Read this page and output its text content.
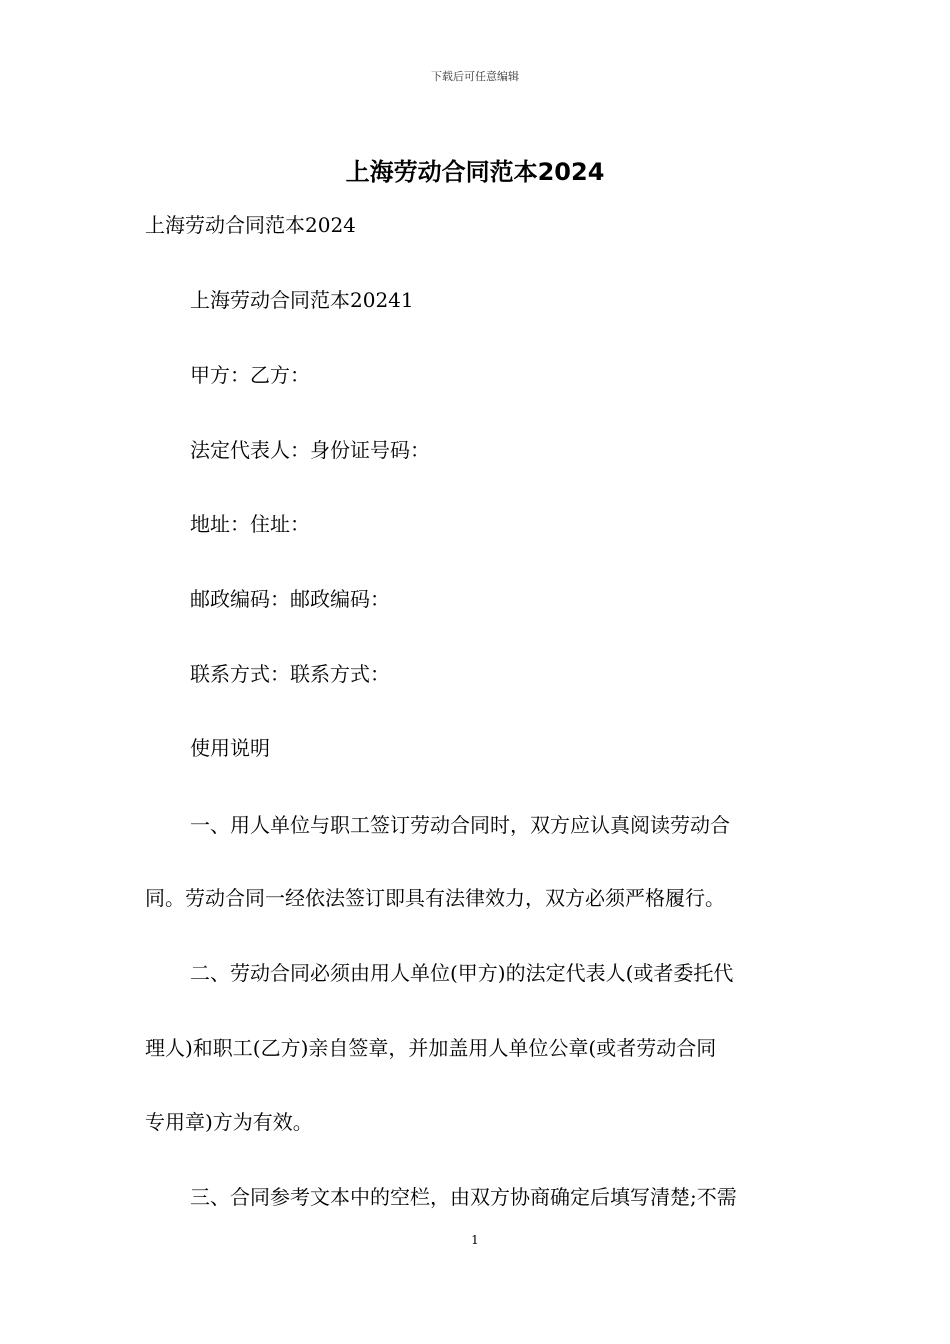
下载后可任意编辑
上海劳动合同范本2024
上海劳动合同范本2024
上海劳动合同范本20241
甲方：乙方：
法定代表人：身份证号码：
地址：住址：
邮政编码：邮政编码：
联系方式：联系方式：
使用说明
一、用人单位与职工签订劳动合同时，双方应认真阅读劳动合
同。劳动合同一经依法签订即具有法律效力，双方必须严格履行。
二、劳动合同必须由用人单位(甲方)的法定代表人(或者委托代
理人)和职工(乙方)亲自签章，并加盖用人单位公章(或者劳动合同
专用章)方为有效。
三、合同参考文本中的空栏，由双方协商确定后填写清楚;不需
1
